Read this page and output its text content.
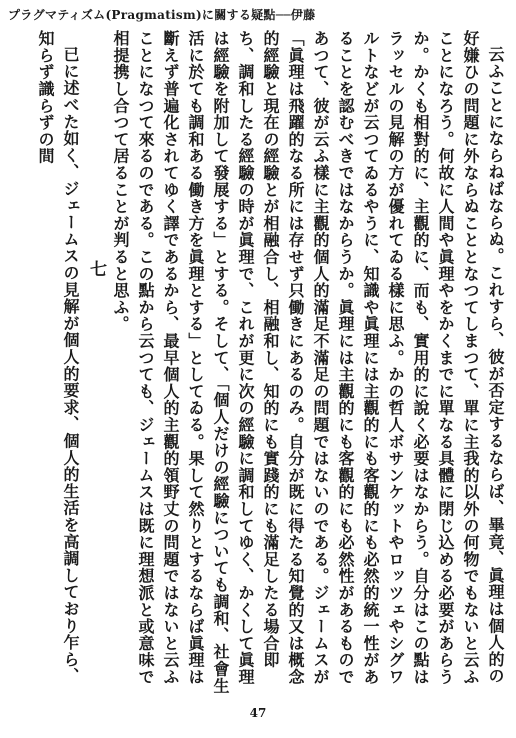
プラグマティズム(Pragmatism)に關する疑點──伊藤

云ふことにならねばならぬ。これすら、彼が否定するならば、畢竟、眞理は個人的の好嫌ひの問題に外ならぬこととなつてしまつて、單に主我的以外の何物でもないと云ふことになろう。何故に人間や眞理やをかくまでに單なる具體に閉じ込める必要があらうか。かくも相對的に、主觀的に、而も、實用的に說く必要はなからう。自分はこの點はラッセルの見解の方が優れてゐる樣に思ふ。かの哲人ボサンケットやロッツェやシグワルトなどが云つてゐるやうに、知識や眞理には主觀的にも客觀的にも必然的統一性があることを認むべきではなからうか。眞理には主觀的にも客觀的にも必然性があるものであつて、彼が云ふ樣に主觀的個人的滿足不滿足の問題ではないのである。ジェームスが「眞理は飛躍的なる所には存せず只働きにあるのみ。自分が既に得たる知覺的又は概念的經驗と現在の經驗とが相融合し、相融和し、知的にも實踐的にも滿足したる場合即ち、調和したる經驗の時が眞理で、これが更に次の經驗に調和してゆく、かくして眞理は經驗を附加して發展する」とする。そして、「個人だけの經驗についても調和、社會生活に於ても調和ある働き方を眞理とする」としてゐる。果して然りとするならば眞理は斷えず普遍化されてゆく譯であるから、最早個人的主觀的領野丈の問題ではないと云ふことになつて來るのである。この點から云つても、ジェームスは既に理想派と或意味で相提携し合つて居ることが判ると思ふ。

七

已に述べた如く、ジェームスの見解が個人的要求、個人的生活を高調しており乍ら、知らず識らずの間

47
